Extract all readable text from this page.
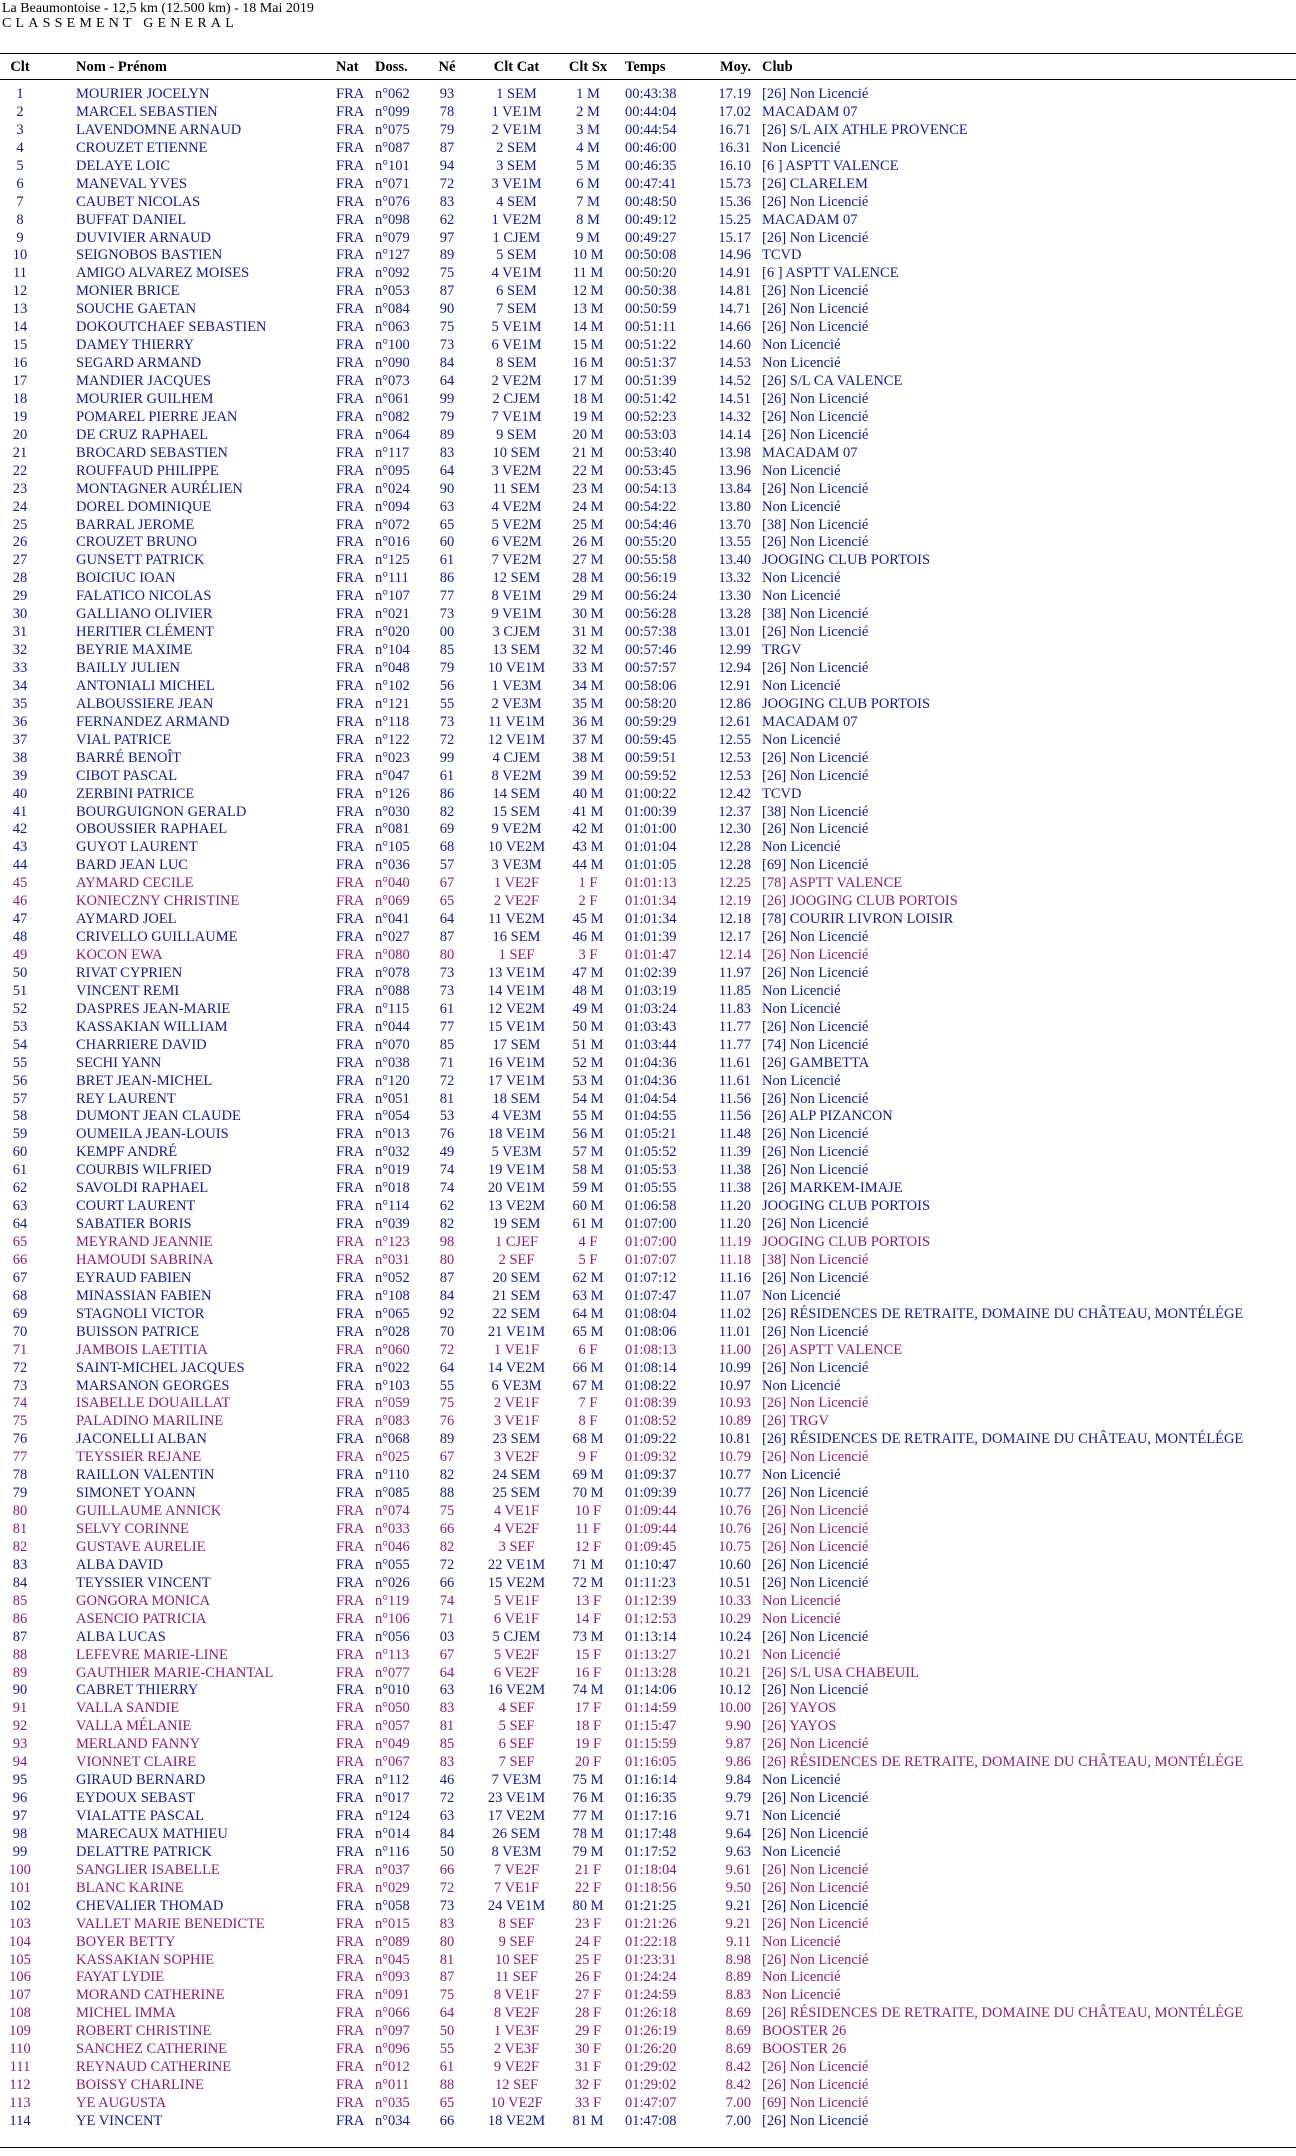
La Beaumontoise - 12,5 km (12.500 km) - 18 Mai 2019
CLASSEMENT GENERAL
Clt	Nom - Prénom	Nat Doss.	Né	Clt Cat	Clt Sx	Temps	Moy. Club
1	MOURIER JOCELYN	FRA n°062	93	1 SEM	1 M	00:43:38	17.19 [26] Non Licencié
2	MARCEL SEBASTIEN	FRA n°099	78	1 VE1M	2 M	00:44:04	17.02 MACADAM 07
3	LAVENDOMNE ARNAUD	FRA n°075	79	2 VE1M	3 M	00:44:54	16.71 [26] S/L AIX ATHLE PROVENCE
4	CROUZET ETIENNE	FRA n°087	87	2 SEM	4 M	00:46:00	16.31 Non Licencié
5	DELAYE LOIC	FRA n°101	94	3 SEM	5 M	00:46:35	16.10 [6 ] ASPTT VALENCE
6	MANEVAL YVES	FRA n°071	72	3 VE1M	6 M	00:47:41	15.73 [26] CLARELEM
7	CAUBET NICOLAS	FRA n°076	83	4 SEM	7 M	00:48:50	15.36 [26] Non Licencié
8	BUFFAT DANIEL	FRA n°098	62	1 VE2M	8 M	00:49:12	15.25 MACADAM 07
9	DUVIVIER ARNAUD	FRA n°079	97	1 CJEM	9 M	00:49:27	15.17 [26] Non Licencié
10	SEIGNOBOS BASTIEN	FRA n°127	89	5 SEM	10 M	00:50:08	14.96 TCVD
11	AMIGO ALVAREZ MOISES	FRA n°092	75	4 VE1M	11 M	00:50:20	14.91 [6 ] ASPTT VALENCE
12	MONIER BRICE	FRA n°053	87	6 SEM	12 M	00:50:38	14.81 [26] Non Licencié
13	SOUCHE GAETAN	FRA n°084	90	7 SEM	13 M	00:50:59	14.71 [26] Non Licencié
14	DOKOUTCHAEF SEBASTIEN	FRA n°063	75	5 VE1M	14 M	00:51:11	14.66 [26] Non Licencié
15	DAMEY THIERRY	FRA n°100	73	6 VE1M	15 M	00:51:22	14.60 Non Licencié
16	SEGARD ARMAND	FRA n°090	84	8 SEM	16 M	00:51:37	14.53 Non Licencié
17	MANDIER JACQUES	FRA n°073	64	2 VE2M	17 M	00:51:39	14.52 [26] S/L CA VALENCE
18	MOURIER GUILHEM	FRA n°061	99	2 CJEM	18 M	00:51:42	14.51 [26] Non Licencié
19	POMAREL PIERRE JEAN	FRA n°082	79	7 VE1M	19 M	00:52:23	14.32 [26] Non Licencié
20	DE CRUZ RAPHAEL	FRA n°064	89	9 SEM	20 M	00:53:03	14.14 [26] Non Licencié
21	BROCARD SEBASTIEN	FRA n°117	83	10 SEM	21 M	00:53:40	13.98 MACADAM 07
22	ROUFFAUD PHILIPPE	FRA n°095	64	3 VE2M	22 M	00:53:45	13.96 Non Licencié
23	MONTAGNER AURÉLIEN	FRA n°024	90	11 SEM	23 M	00:54:13	13.84 [26] Non Licencié
24	DOREL DOMINIQUE	FRA n°094	63	4 VE2M	24 M	00:54:22	13.80 Non Licencié
25	BARRAL JEROME	FRA n°072	65	5 VE2M	25 M	00:54:46	13.70 [38] Non Licencié
26	CROUZET BRUNO	FRA n°016	60	6 VE2M	26 M	00:55:20	13.55 [26] Non Licencié
27	GUNSETT PATRICK	FRA n°125	61	7 VE2M	27 M	00:55:58	13.40 JOOGING CLUB PORTOIS
28	BOICIUC IOAN	FRA n°111	86	12 SEM	28 M	00:56:19	13.32 Non Licencié
29	FALATICO NICOLAS	FRA n°107	77	8 VE1M	29 M	00:56:24	13.30 Non Licencié
30	GALLIANO OLIVIER	FRA n°021	73	9 VE1M	30 M	00:56:28	13.28 [38] Non Licencié
31	HERITIER CLÉMENT	FRA n°020	00	3 CJEM	31 M	00:57:38	13.01 [26] Non Licencié
32	BEYRIE MAXIME	FRA n°104	85	13 SEM	32 M	00:57:46	12.99 TRGV
33	BAILLY JULIEN	FRA n°048	79	10 VE1M	33 M	00:57:57	12.94 [26] Non Licencié
34	ANTONIALI MICHEL	FRA n°102	56	1 VE3M	34 M	00:58:06	12.91 Non Licencié
35	ALBOUSSIERE JEAN	FRA n°121	55	2 VE3M	35 M	00:58:20	12.86 JOOGING CLUB PORTOIS
36	FERNANDEZ ARMAND	FRA n°118	73	11 VE1M	36 M	00:59:29	12.61 MACADAM 07
37	VIAL PATRICE	FRA n°122	72	12 VE1M	37 M	00:59:45	12.55 Non Licencié
38	BARRÉ BENOÎT	FRA n°023	99	4 CJEM	38 M	00:59:51	12.53 [26] Non Licencié
39	CIBOT PASCAL	FRA n°047	61	8 VE2M	39 M	00:59:52	12.53 [26] Non Licencié
40	ZERBINI PATRICE	FRA n°126	86	14 SEM	40 M	01:00:22	12.42 TCVD
41	BOURGUIGNON GERALD	FRA n°030	82	15 SEM	41 M	01:00:39	12.37 [38] Non Licencié
42	OBOUSSIER RAPHAEL	FRA n°081	69	9 VE2M	42 M	01:01:00	12.30 [26] Non Licencié
43	GUYOT LAURENT	FRA n°105	68	10 VE2M	43 M	01:01:04	12.28 Non Licencié
44	BARD JEAN LUC	FRA n°036	57	3 VE3M	44 M	01:01:05	12.28 [69] Non Licencié
45	AYMARD CECILE	FRA n°040	67	1 VE2F	1 F	01:01:13	12.25 [78] ASPTT VALENCE
46	KONIECZNY CHRISTINE	FRA n°069	65	2 VE2F	2 F	01:01:34	12.19 [26] JOOGING CLUB PORTOIS
47	AYMARD JOEL	FRA n°041	64	11 VE2M	45 M	01:01:34	12.18 [78] COURIR LIVRON LOISIR
48	CRIVELLO GUILLAUME	FRA n°027	87	16 SEM	46 M	01:01:39	12.17 [26] Non Licencié
49	KOCON EWA	FRA n°080	80	1 SEF	3 F	01:01:47	12.14 [26] Non Licencié
50	RIVAT CYPRIEN	FRA n°078	73	13 VE1M	47 M	01:02:39	11.97 [26] Non Licencié
51	VINCENT REMI	FRA n°088	73	14 VE1M	48 M	01:03:19	11.85 Non Licencié
52	DASPRES JEAN-MARIE	FRA n°115	61	12 VE2M	49 M	01:03:24	11.83 Non Licencié
53	KASSAKIAN WILLIAM	FRA n°044	77	15 VE1M	50 M	01:03:43	11.77 [26] Non Licencié
54	CHARRIERE DAVID	FRA n°070	85	17 SEM	51 M	01:03:44	11.77 [74] Non Licencié
55	SECHI YANN	FRA n°038	71	16 VE1M	52 M	01:04:36	11.61 [26] GAMBETTA
56	BRET JEAN-MICHEL	FRA n°120	72	17 VE1M	53 M	01:04:36	11.61 Non Licencié
57	REY LAURENT	FRA n°051	81	18 SEM	54 M	01:04:54	11.56 [26] Non Licencié
58	DUMONT JEAN CLAUDE	FRA n°054	53	4 VE3M	55 M	01:04:55	11.56 [26] ALP PIZANCON
59	OUMEILA JEAN-LOUIS	FRA n°013	76	18 VE1M	56 M	01:05:21	11.48 [26] Non Licencié
60	KEMPF ANDRÉ	FRA n°032	49	5 VE3M	57 M	01:05:52	11.39 [26] Non Licencié
61	COURBIS WILFRIED	FRA n°019	74	19 VE1M	58 M	01:05:53	11.38 [26] Non Licencié
62	SAVOLDI RAPHAEL	FRA n°018	74	20 VE1M	59 M	01:05:55	11.38 [26] MARKEM-IMAJE
63	COURT LAURENT	FRA n°114	62	13 VE2M	60 M	01:06:58	11.20 JOOGING CLUB PORTOIS
64	SABATIER BORIS	FRA n°039	82	19 SEM	61 M	01:07:00	11.20 [26] Non Licencié
65	MEYRAND JEANNIE	FRA n°123	98	1 CJEF	4 F	01:07:00	11.19 JOOGING CLUB PORTOIS
66	HAMOUDI SABRINA	FRA n°031	80	2 SEF	5 F	01:07:07	11.18 [38] Non Licencié
67	EYRAUD FABIEN	FRA n°052	87	20 SEM	62 M	01:07:12	11.16 [26] Non Licencié
68	MINASSIAN FABIEN	FRA n°108	84	21 SEM	63 M	01:07:47	11.07 Non Licencié
69	STAGNOLI VICTOR	FRA n°065	92	22 SEM	64 M	01:08:04	11.02 [26] RÉSIDENCES DE RETRAITE, DOMAINE DU CHÂTEAU, MONTÉLÉGE
70	BUISSON PATRICE	FRA n°028	70	21 VE1M	65 M	01:08:06	11.01 [26] Non Licencié
71	JAMBOIS LAETITIA	FRA n°060	72	1 VE1F	6 F	01:08:13	11.00 [26] ASPTT VALENCE
72	SAINT-MICHEL JACQUES	FRA n°022	64	14 VE2M	66 M	01:08:14	10.99 [26] Non Licencié
73	MARSANON GEORGES	FRA n°103	55	6 VE3M	67 M	01:08:22	10.97 Non Licencié
74	ISABELLE DOUAILLAT	FRA n°059	75	2 VE1F	7 F	01:08:39	10.93 [26] Non Licencié
75	PALADINO MARILINE	FRA n°083	76	3 VE1F	8 F	01:08:52	10.89 [26] TRGV
76	JACONELLI ALBAN	FRA n°068	89	23 SEM	68 M	01:09:22	10.81 [26] RÉSIDENCES DE RETRAITE, DOMAINE DU CHÂTEAU, MONTÉLÉGE
77	TEYSSIER REJANE	FRA n°025	67	3 VE2F	9 F	01:09:32	10.79 [26] Non Licencié
78	RAILLON VALENTIN	FRA n°110	82	24 SEM	69 M	01:09:37	10.77 Non Licencié
79	SIMONET YOANN	FRA n°085	88	25 SEM	70 M	01:09:39	10.77 [26] Non Licencié
80	GUILLAUME ANNICK	FRA n°074	75	4 VE1F	10 F	01:09:44	10.76 [26] Non Licencié
81	SELVY CORINNE	FRA n°033	66	4 VE2F	11 F	01:09:44	10.76 [26] Non Licencié
82	GUSTAVE AURELIE	FRA n°046	82	3 SEF	12 F	01:09:45	10.75 [26] Non Licencié
83	ALBA DAVID	FRA n°055	72	22 VE1M	71 M	01:10:47	10.60 [26] Non Licencié
84	TEYSSIER VINCENT	FRA n°026	66	15 VE2M	72 M	01:11:23	10.51 [26] Non Licencié
85	GONGORA MONICA	FRA n°119	74	5 VE1F	13 F	01:12:39	10.33 Non Licencié
86	ASENCIO PATRICIA	FRA n°106	71	6 VE1F	14 F	01:12:53	10.29 Non Licencié
87	ALBA LUCAS	FRA n°056	03	5 CJEM	73 M	01:13:14	10.24 [26] Non Licencié
88	LEFEVRE MARIE-LINE	FRA n°113	67	5 VE2F	15 F	01:13:27	10.21 Non Licencié
89	GAUTHIER MARIE-CHANTAL	FRA n°077	64	6 VE2F	16 F	01:13:28	10.21 [26] S/L USA CHABEUIL
90	CABRET THIERRY	FRA n°010	63	16 VE2M	74 M	01:14:06	10.12 [26] Non Licencié
91	VALLA SANDIE	FRA n°050	83	4 SEF	17 F	01:14:59	10.00 [26] YAYOS
92	VALLA MÉLANIE	FRA n°057	81	5 SEF	18 F	01:15:47	9.90 [26] YAYOS
93	MERLAND FANNY	FRA n°049	85	6 SEF	19 F	01:15:59	9.87 [26] Non Licencié
94	VIONNET CLAIRE	FRA n°067	83	7 SEF	20 F	01:16:05	9.86 [26] RÉSIDENCES DE RETRAITE, DOMAINE DU CHÂTEAU, MONTÉLÉGE
95	GIRAUD BERNARD	FRA n°112	46	7 VE3M	75 M	01:16:14	9.84 Non Licencié
96	EYDOUX SEBAST	FRA n°017	72	23 VE1M	76 M	01:16:35	9.79 [26] Non Licencié
97	VIALATTE PASCAL	FRA n°124	63	17 VE2M	77 M	01:17:16	9.71 Non Licencié
98	MARECAUX MATHIEU	FRA n°014	84	26 SEM	78 M	01:17:48	9.64 [26] Non Licencié
99	DELATTRE PATRICK	FRA n°116	50	8 VE3M	79 M	01:17:52	9.63 Non Licencié
100	SANGLIER ISABELLE	FRA n°037	66	7 VE2F	21 F	01:18:04	9.61 [26] Non Licencié
101	BLANC KARINE	FRA n°029	72	7 VE1F	22 F	01:18:56	9.50 [26] Non Licencié
102	CHEVALIER THOMAD	FRA n°058	73	24 VE1M	80 M	01:21:25	9.21 [26] Non Licencié
103	VALLET MARIE BENEDICTE	FRA n°015	83	8 SEF	23 F	01:21:26	9.21 [26] Non Licencié
104	BOYER BETTY	FRA n°089	80	9 SEF	24 F	01:22:18	9.11 Non Licencié
105	KASSAKIAN SOPHIE	FRA n°045	81	10 SEF	25 F	01:23:31	8.98 [26] Non Licencié
106	FAYAT LYDIE	FRA n°093	87	11 SEF	26 F	01:24:24	8.89 Non Licencié
107	MORAND CATHERINE	FRA n°091	75	8 VE1F	27 F	01:24:59	8.83 Non Licencié
108	MICHEL IMMA	FRA n°066	64	8 VE2F	28 F	01:26:18	8.69 [26] RÉSIDENCES DE RETRAITE, DOMAINE DU CHÂTEAU, MONTÉLÉGE
109	ROBERT CHRISTINE	FRA n°097	50	1 VE3F	29 F	01:26:19	8.69 BOOSTER 26
110	SANCHEZ CATHERINE	FRA n°096	55	2 VE3F	30 F	01:26:20	8.69 BOOSTER 26
111	REYNAUD CATHERINE	FRA n°012	61	9 VE2F	31 F	01:29:02	8.42 [26] Non Licencié
112	BOISSY CHARLINE	FRA n°011	88	12 SEF	32 F	01:29:02	8.42 [26] Non Licencié
113	YE AUGUSTA	FRA n°035	65	10 VE2F	33 F	01:47:07	7.00 [69] Non Licencié
114	YE VINCENT	FRA n°034	66	18 VE2M	81 M	01:47:08	7.00 [26] Non Licencié
